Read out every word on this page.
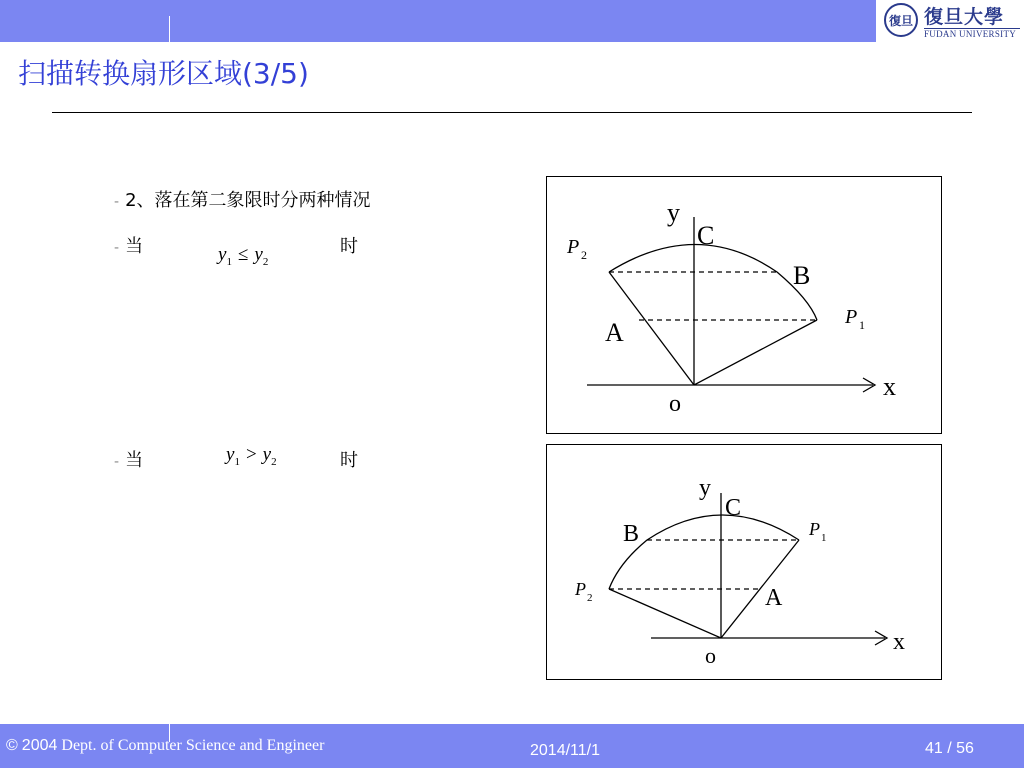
復旦 復旦大學
FUDAN UNIVERSITY
扫描转换扇形区域(3/5)
- 2、落在第二象限时分两种情况
- 当	$y_1 \le y_2$
时
- 当	$y_1 > y_2$	时
y
C
B
A
x
o
P 2
P 1
y
C
B
A
x
o
P 2
P 1
© 2004 Dept. of Computer Science and Engineer	2014/11/1	41 / 56
